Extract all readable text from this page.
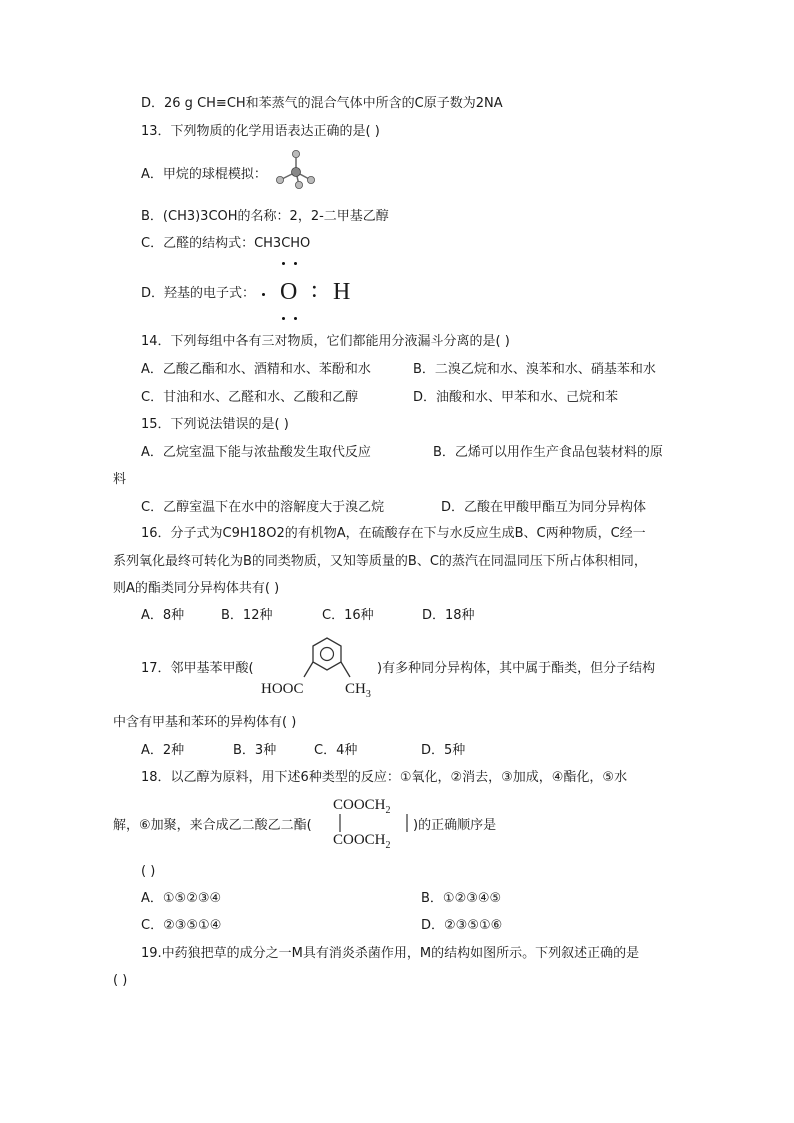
D．26 g CH≡CH和苯蒸气的混合气体中所含的C原子数为2NA
13．下列物质的化学用语表达正确的是( )
A．甲烷的球棍模拟：
B．(CH3)3COH的名称：2，2-二甲基乙醇
C．乙醛的结构式：CH3CHO
D．羟基的电子式： O : H
14．下列每组中各有三对物质，它们都能用分液漏斗分离的是( )
A．乙酸乙酯和水、酒精和水、苯酚和水	B．二溴乙烷和水、溴苯和水、硝基苯和水
C．甘油和水、乙醛和水、乙酸和乙醇	D．油酸和水、甲苯和水、己烷和苯
15．下列说法错误的是( )
A．乙烷室温下能与浓盐酸发生取代反应	B．乙烯可以用作生产食品包装材料的原
料
C．乙醇室温下在水中的溶解度大于溴乙烷	D．乙酸在甲酸甲酯互为同分异构体
16．分子式为C9H18O2的有机物A，在硫酸存在下与水反应生成B、C两种物质，C经一
系列氧化最终可转化为B的同类物质，又知等质量的B、C的蒸汽在同温同压下所占体积相同，
则A的酯类同分异构体共有( )
A．8种	B．12种	C．16种	D．18种
17．邻甲基苯甲酸(
HOOC	$CH_3$
)有多种同分异构体，其中属于酯类，但分子结构
中含有甲基和苯环的异构体有( )
A．2种	B．3种	C．4种	D．5种
18．以乙醇为原料，用下述6种类型的反应：①氧化，②消去，③加成，④酯化，⑤水
解，⑥加聚，来合成乙二酸乙二酯(
$COOCH_2$
$COOCH_2$
)的正确顺序是
( )
A．①⑤②③④	B．①②③④⑤
C．②③⑤①④	D．②③⑤①⑥
19.中药狼把草的成分之一M具有消炎杀菌作用，M的结构如图所示。下列叙述正确的是
( )
